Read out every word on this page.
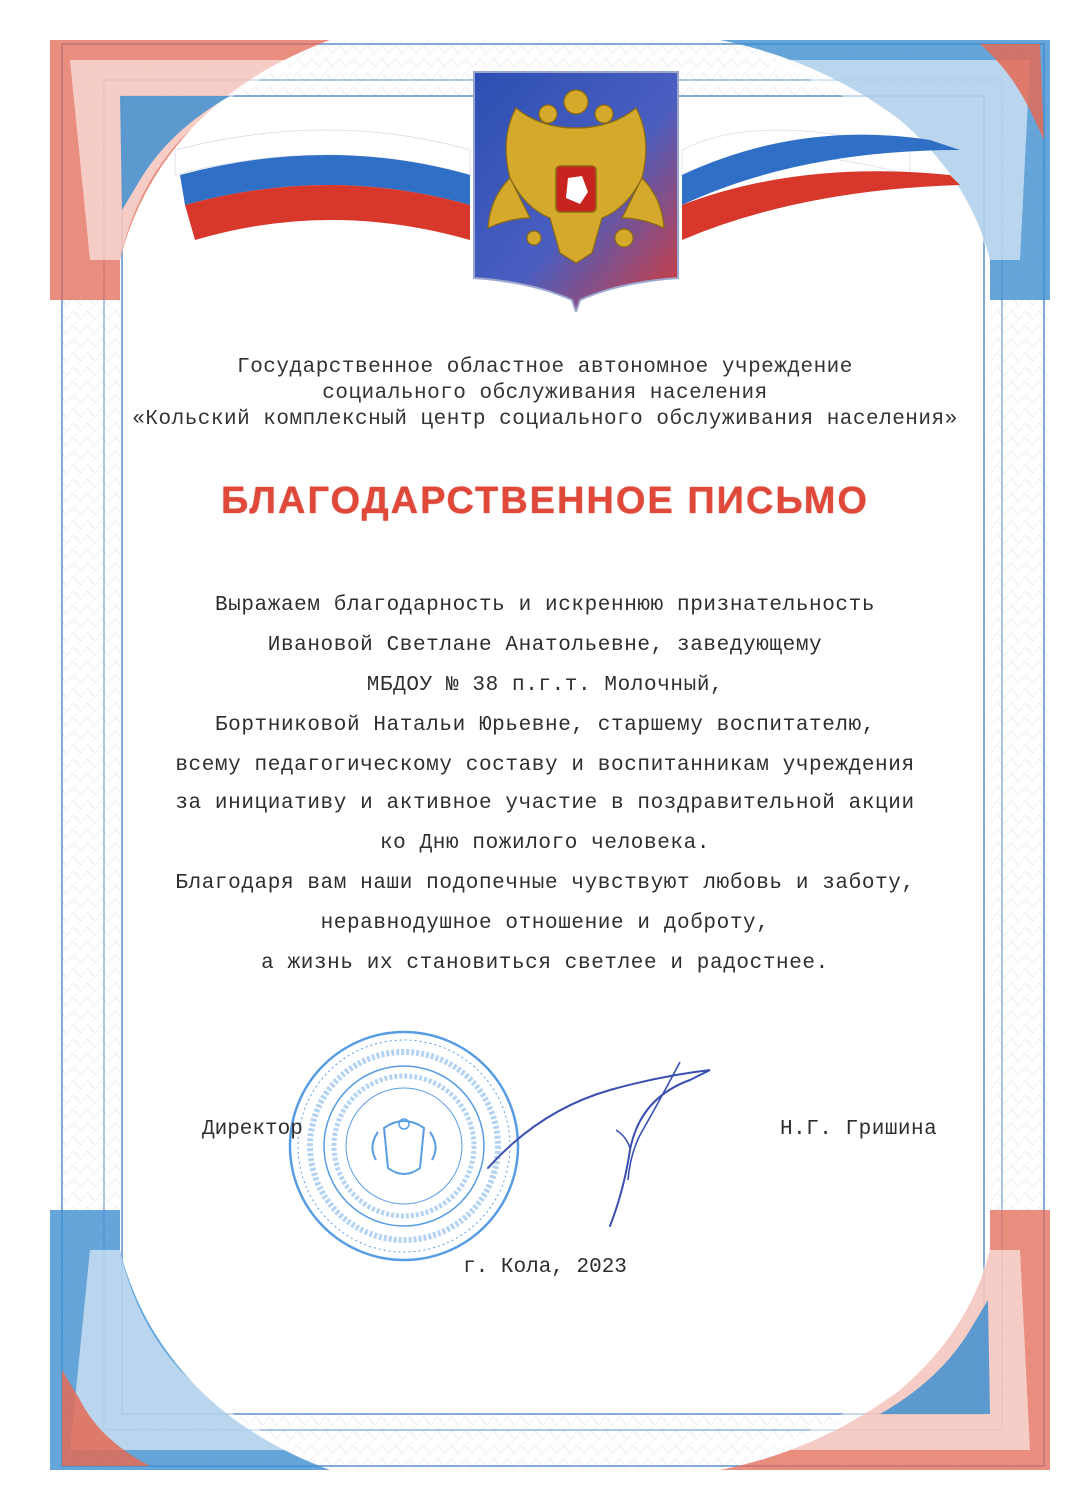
Государственное областное автономное учреждение
социального обслуживания населения
«Кольский комплексный центр социального обслуживания населения»
БЛАГОДАРСТВЕННОЕ ПИСЬМО
Выражаем благодарность и искреннюю признательность
Ивановой Светлане Анатольевне, заведующему
МБДОУ № 38 п.г.т. Молочный,
Бортниковой Натальи Юрьевне, старшему воспитателю,
всему педагогическому составу и воспитанникам учреждения
за инициативу и активное участие в поздравительной акции
ко Дню пожилого человека.
Благодаря вам наши подопечные чувствуют любовь и заботу,
неравнодушное отношение и доброту,
а жизнь их становиться светлее и радостнее.
Директор	Н.Г. Гришина
г. Кола, 2023
